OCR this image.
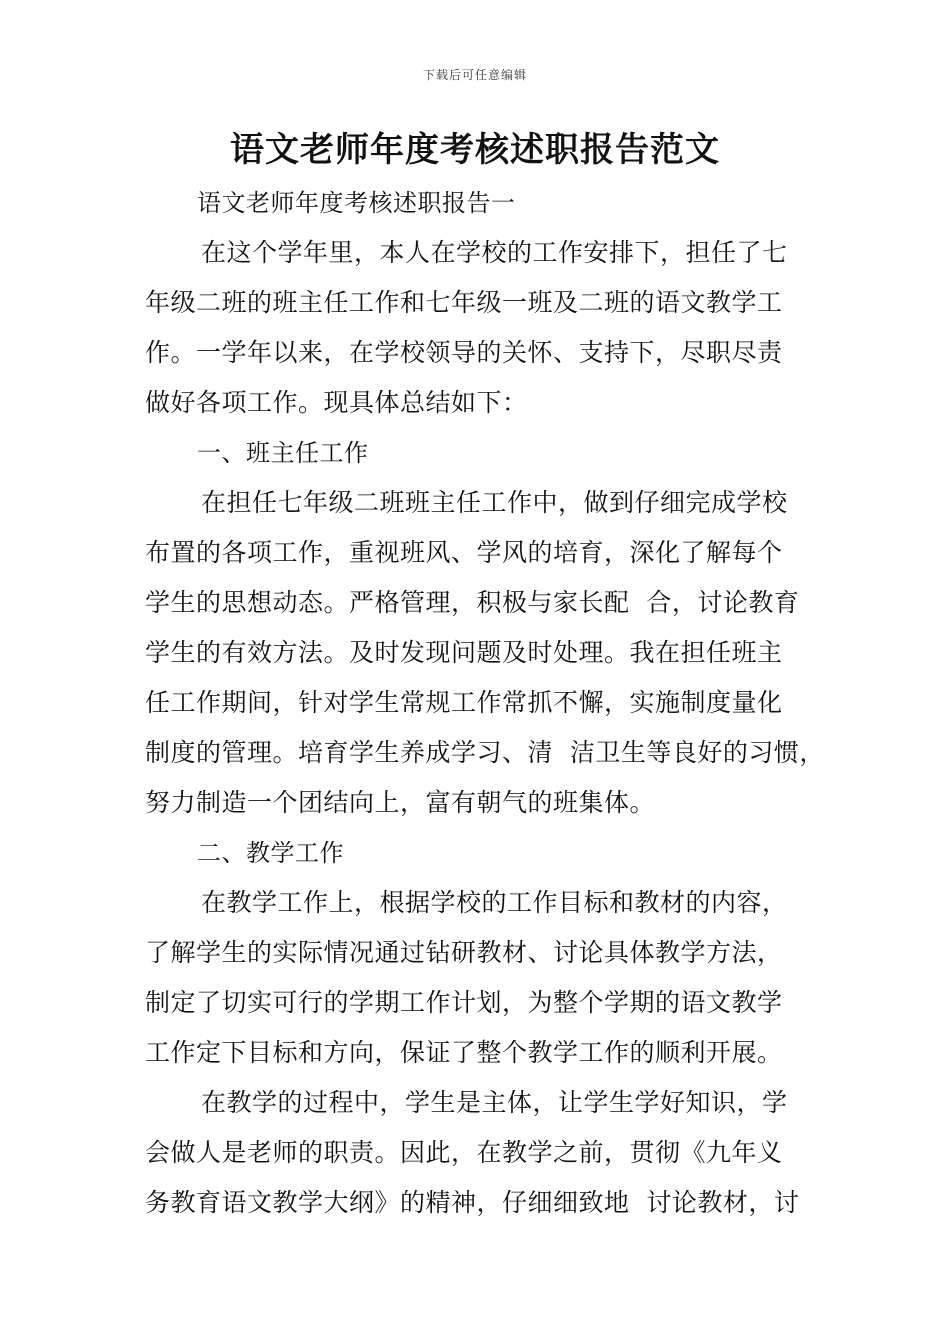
下载后可任意编辑
语文老师年度考核述职报告范文
语文老师年度考核述职报告一
在这个学年里，本人在学校的工作安排下，担任了七
年级二班的班主任工作和七年级一班及二班的语文教学工
作。一学年以来，在学校领导的关怀、支持下，尽职尽责
做好各项工作。现具体总结如下：
一、班主任工作
在担任七年级二班班主任工作中，做到仔细完成学校
布置的各项工作，重视班风、学风的培育，深化了解每个
学生的思想动态。严格管理，积极与家长配  合，讨论教育
学生的有效方法。及时发现问题及时处理。我在担任班主
任工作期间，针对学生常规工作常抓不懈，实施制度量化
制度的管理。培育学生养成学习、清  洁卫生等良好的习惯，
努力制造一个团结向上，富有朝气的班集体。
二、教学工作
在教学工作上，根据学校的工作目标和教材的内容，
了解学生的实际情况通过钻研教材、讨论具体教学方法，
制定了切实可行的学期工作计划，为整个学期的语文教学
工作定下目标和方向，保证了整个教学工作的顺利开展。
在教学的过程中，学生是主体，让学生学好知识，学
会做人是老师的职责。因此，在教学之前，贯彻《九年义
务教育语文教学大纲》的精神，仔细细致地  讨论教材，讨
